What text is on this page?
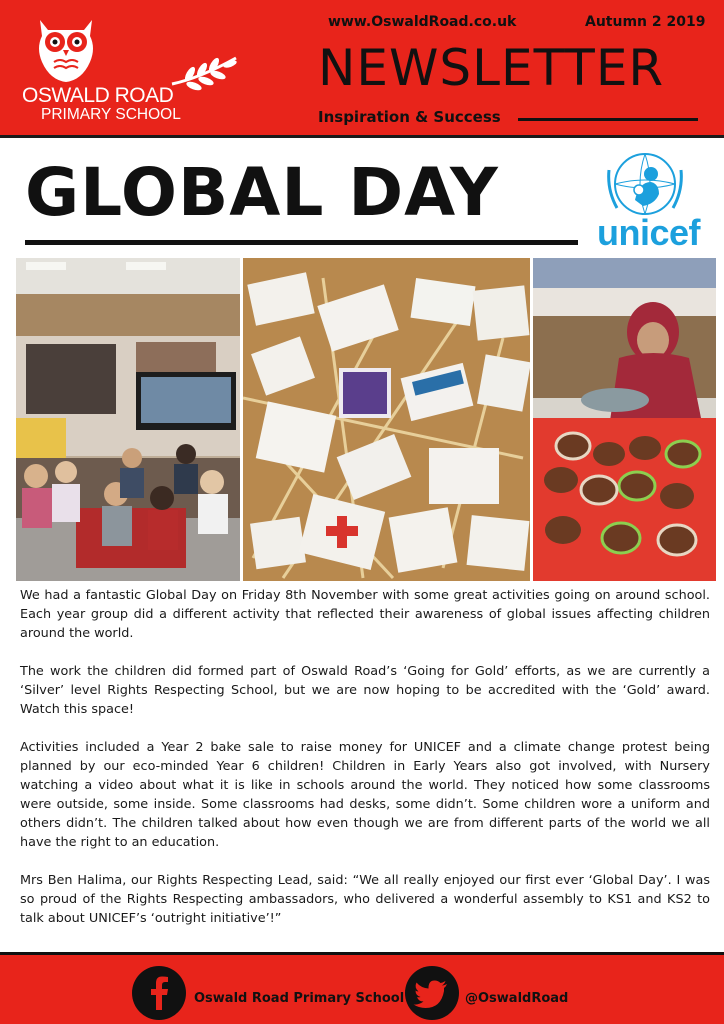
OSWALD ROAD
PRIMARY SCHOOL
www.OswaldRoad.co.uk	Autumn 2 2019
NEWSLETTER
Inspiration & Success
GLOBAL DAY
unicef

We had a fantastic Global Day on Friday 8th November with some great activities going on around school. Each year group did a different activity that reflected their awareness of global issues affecting children around the world.

The work the children did formed part of Oswald Road’s ‘Going for Gold’ efforts, as we are currently a ‘Silver’ level Rights Respecting School, but we are now hoping to be accredited with the ‘Gold’ award. Watch this space!

Activities included a Year 2 bake sale to raise money for UNICEF and a climate change protest being planned by our eco-minded Year 6 children! Children in Early Years also got involved, with Nursery watching a video about what it is like in schools around the world. They noticed how some classrooms were outside, some inside. Some classrooms had desks, some didn’t. Some children wore a uniform and others didn’t. The children talked about how even though we are from different parts of the world we all have the right to an education.

Mrs Ben Halima, our Rights Respecting Lead, said: “We all really enjoyed our first ever ‘Global Day’. I was so proud of the Rights Respecting ambassadors, who delivered a wonderful assembly to KS1 and KS2 to talk about UNICEF’s ‘outright initiative’!”

Oswald Road Primary School	@OswaldRoad
